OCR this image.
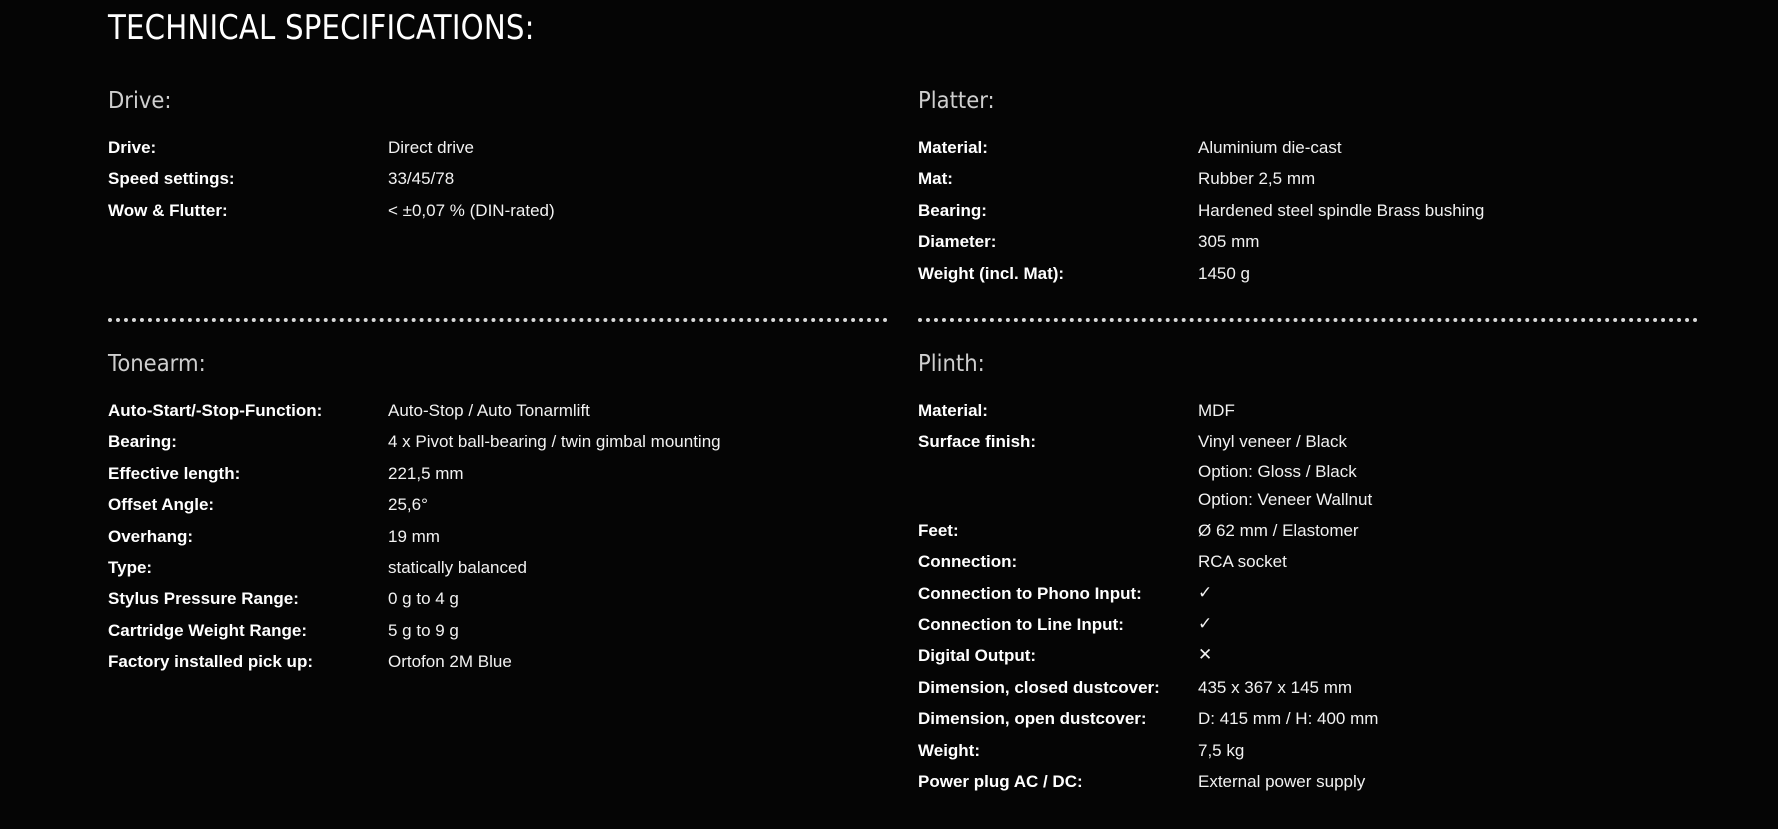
TECHNICAL SPECIFICATIONS:
Drive:
Drive:	Direct drive
Speed settings:	33/45/78
Wow & Flutter:	< ±0,07 % (DIN-rated)
Platter:
Material:	Aluminium die-cast
Mat:	Rubber 2,5 mm
Bearing:	Hardened steel spindle Brass bushing
Diameter:	305 mm
Weight (incl. Mat):	1450 g
Tonearm:
Auto-Start/-Stop-Function:	Auto-Stop / Auto Tonarmlift
Bearing:	4 x Pivot ball-bearing / twin gimbal mounting
Effective length:	221,5 mm
Offset Angle:	25,6°
Overhang:	19 mm
Type:	statically balanced
Stylus Pressure Range:	0 g to 4 g
Cartridge Weight Range:	5 g to 9 g
Factory installed pick up:	Ortofon 2M Blue
Plinth:
Material:	MDF
Surface finish:	Vinyl veneer / Black
Option: Gloss / Black
Option: Veneer Wallnut
Feet:	Ø 62 mm / Elastomer
Connection:	RCA socket
Connection to Phono Input:	✓
Connection to Line Input:	✓
Digital Output:	✕
Dimension, closed dustcover:	435 x 367 x 145 mm
Dimension, open dustcover:	D: 415 mm / H: 400 mm
Weight:	7,5 kg
Power plug AC / DC:	External power supply
